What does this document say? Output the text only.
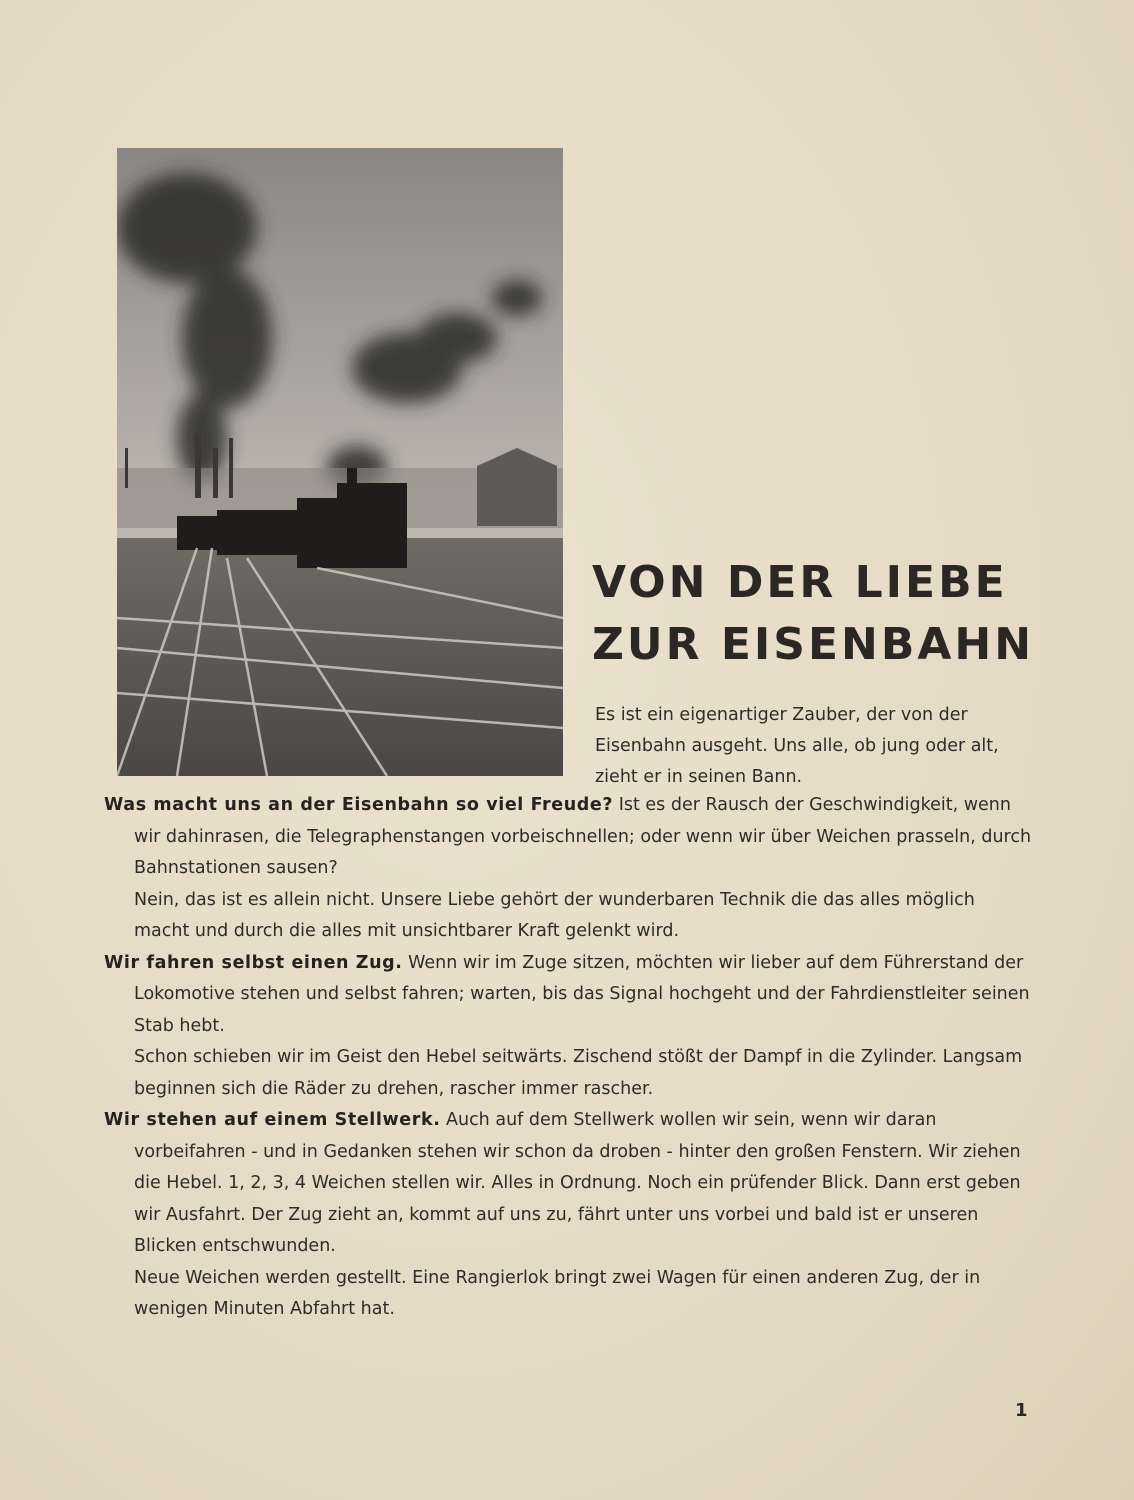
VON DER LIEBE
ZUR EISENBAHN

Es ist ein eigenartiger Zauber, der von der Eisenbahn ausgeht. Uns alle, ob jung oder alt, zieht er in seinen Bann.

Was macht uns an der Eisenbahn so viel Freude? Ist es der Rausch der Geschwindigkeit, wenn wir dahinrasen, die Telegraphenstangen vorbeischnellen; oder wenn wir über Weichen prasseln, durch Bahnstationen sausen?

Nein, das ist es allein nicht. Unsere Liebe gehört der wunderbaren Technik die das alles möglich macht und durch die alles mit unsichtbarer Kraft gelenkt wird.

Wir fahren selbst einen Zug. Wenn wir im Zuge sitzen, möchten wir lieber auf dem Führerstand der Lokomotive stehen und selbst fahren; warten, bis das Signal hochgeht und der Fahrdienstleiter seinen Stab hebt.

Schon schieben wir im Geist den Hebel seitwärts. Zischend stößt der Dampf in die Zylinder. Langsam beginnen sich die Räder zu drehen, rascher immer rascher.

Wir stehen auf einem Stellwerk. Auch auf dem Stellwerk wollen wir sein, wenn wir daran vorbeifahren - und in Gedanken stehen wir schon da droben - hinter den großen Fenstern. Wir ziehen die Hebel. 1, 2, 3, 4 Weichen stellen wir. Alles in Ordnung. Noch ein prüfender Blick. Dann erst geben wir Ausfahrt. Der Zug zieht an, kommt auf uns zu, fährt unter uns vorbei und bald ist er unseren Blicken entschwunden.

Neue Weichen werden gestellt. Eine Rangierlok bringt zwei Wagen für einen anderen Zug, der in wenigen Minuten Abfahrt hat.

1
